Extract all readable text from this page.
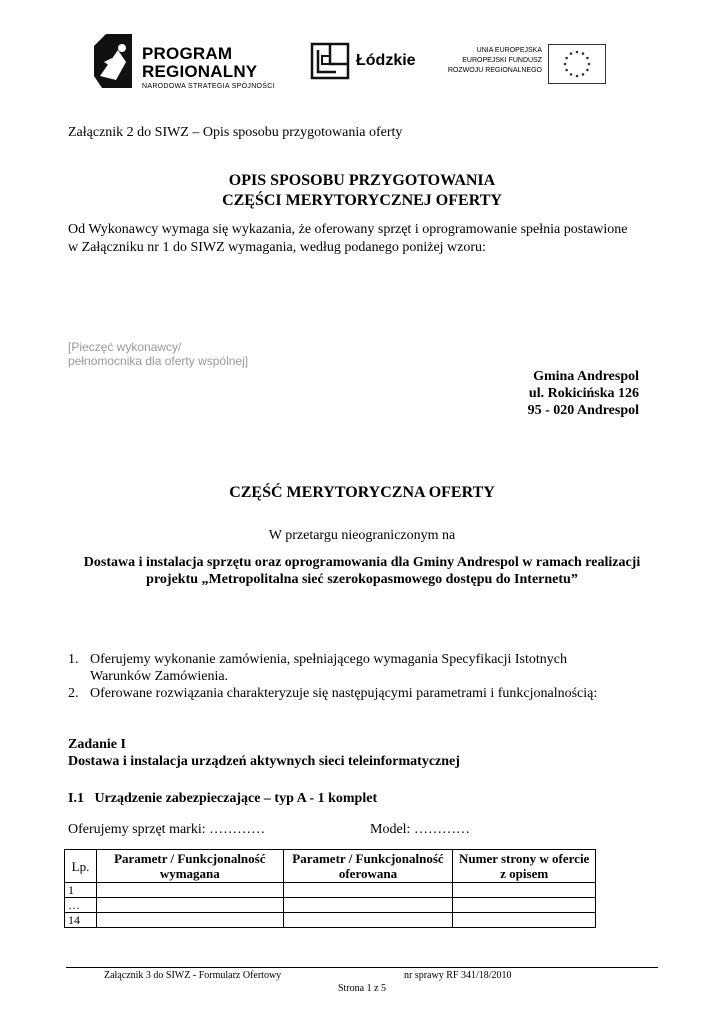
PROGRAM
REGIONALNY
NARODOWA STRATEGIA SPÓJNOŚCI
Łódzkie
UNIA EUROPEJSKA
EUROPEJSKI FUNDUSZ
ROZWOJU REGIONALNEGO
Załącznik 2 do SIWZ – Opis sposobu przygotowania oferty
OPIS SPOSOBU PRZYGOTOWANIA
CZĘŚCI MERYTORYCZNEJ OFERTY
Od Wykonawcy wymaga się wykazania, że oferowany sprzęt i oprogramowanie spełnia postawione
w Załączniku nr 1 do SIWZ wymagania, według podanego poniżej wzoru:
[Pieczęć wykonawcy/
pełnomocnika dla oferty wspólnej]
Gmina Andrespol
ul. Rokicińska 126
95 - 020 Andrespol
CZĘŚĆ MERYTORYCZNA OFERTY
W przetargu nieograniczonym na
Dostawa i instalacja sprzętu oraz oprogramowania dla Gminy Andrespol w ramach realizacji
projektu „Metropolitalna sieć szerokopasmowego dostępu do Internetu”
1. Oferujemy wykonanie zamówienia, spełniającego wymagania Specyfikacji Istotnych
Warunków Zamówienia.
2. Oferowane rozwiązania charakteryzuje się następującymi parametrami i funkcjonalnością:
Zadanie I
Dostawa i instalacja urządzeń aktywnych sieci teleinformatycznej
I.1   Urządzenie zabezpieczające – typ A - 1 komplet
Oferujemy sprzęt marki: …………	Model: …………
Lp.	Parametr / Funkcjonalność wymagana	Parametr / Funkcjonalność oferowana	Numer strony w ofercie z opisem
1			
…			
14			
Załącznik 3 do SIWZ - Formularz Ofertowy	nr sprawy RF 341/18/2010
Strona 1 z 5
